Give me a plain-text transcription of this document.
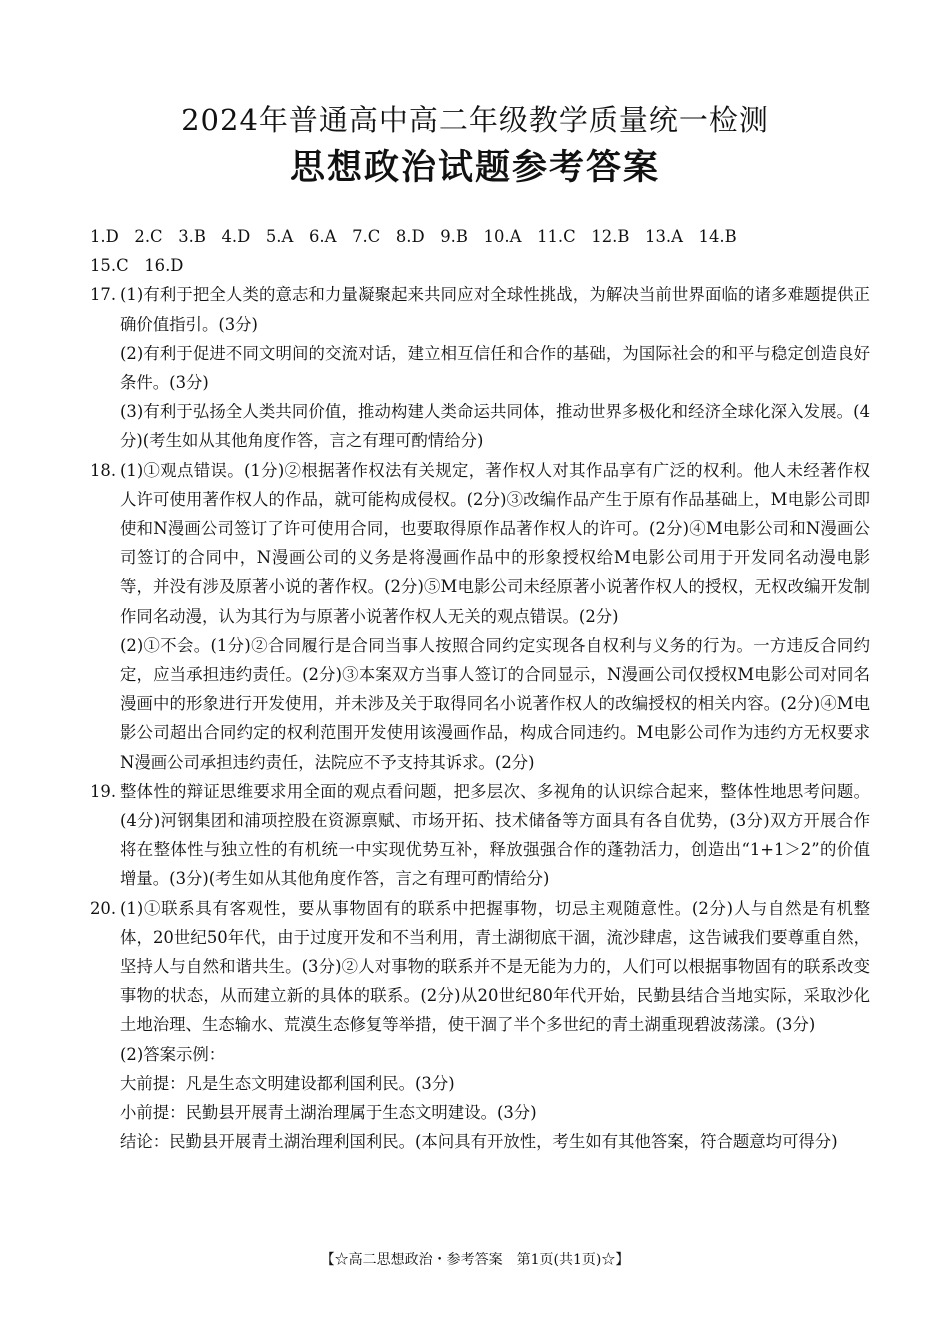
2024年普通高中高二年级教学质量统一检测
思想政治试题参考答案
1.D 2.C 3.B 4.D 5.A 6.A 7.C 8.D 9.B 10.A 11.C 12.B 13.A 14.B
15.C 16.D
17. (1)有利于把全人类的意志和力量凝聚起来共同应对全球性挑战，为解决当前世界面临的诸多难题提供正确价值指引。(3分)
(2)有利于促进不同文明间的交流对话，建立相互信任和合作的基础，为国际社会的和平与稳定创造良好条件。(3分)
(3)有利于弘扬全人类共同价值，推动构建人类命运共同体，推动世界多极化和经济全球化深入发展。(4分)(考生如从其他角度作答，言之有理可酌情给分)
18. (1)①观点错误。(1分)②根据著作权法有关规定，著作权人对其作品享有广泛的权利。他人未经著作权人许可使用著作权人的作品，就可能构成侵权。(2分)③改编作品产生于原有作品基础上，M电影公司即使和N漫画公司签订了许可使用合同，也要取得原作品著作权人的许可。(2分)④M电影公司和N漫画公司签订的合同中，N漫画公司的义务是将漫画作品中的形象授权给M电影公司用于开发同名动漫电影等，并没有涉及原著小说的著作权。(2分)⑤M电影公司未经原著小说著作权人的授权，无权改编开发制作同名动漫，认为其行为与原著小说著作权人无关的观点错误。(2分)
(2)①不会。(1分)②合同履行是合同当事人按照合同约定实现各自权利与义务的行为。一方违反合同约定，应当承担违约责任。(2分)③本案双方当事人签订的合同显示，N漫画公司仅授权M电影公司对同名漫画中的形象进行开发使用，并未涉及关于取得同名小说著作权人的改编授权的相关内容。(2分)④M电影公司超出合同约定的权利范围开发使用该漫画作品，构成合同违约。M电影公司作为违约方无权要求N漫画公司承担违约责任，法院应不予支持其诉求。(2分)
19. 整体性的辩证思维要求用全面的观点看问题，把多层次、多视角的认识综合起来，整体性地思考问题。(4分)河钢集团和浦项控股在资源禀赋、市场开拓、技术储备等方面具有各自优势，(3分)双方开展合作将在整体性与独立性的有机统一中实现优势互补，释放强强合作的蓬勃活力，创造出“1+1＞2”的价值增量。(3分)(考生如从其他角度作答，言之有理可酌情给分)
20. (1)①联系具有客观性，要从事物固有的联系中把握事物，切忌主观随意性。(2分)人与自然是有机整体，20世纪50年代，由于过度开发和不当利用，青土湖彻底干涸，流沙肆虐，这告诫我们要尊重自然，坚持人与自然和谐共生。(3分)②人对事物的联系并不是无能为力的，人们可以根据事物固有的联系改变事物的状态，从而建立新的具体的联系。(2分)从20世纪80年代开始，民勤县结合当地实际，采取沙化土地治理、生态输水、荒漠生态修复等举措，使干涸了半个多世纪的青土湖重现碧波荡漾。(3分)
(2)答案示例：
大前提：凡是生态文明建设都利国利民。(3分)
小前提：民勤县开展青土湖治理属于生态文明建设。(3分)
结论：民勤县开展青土湖治理利国利民。(本问具有开放性，考生如有其他答案，符合题意均可得分)
【☆高二思想政治・参考答案　第1页(共1页)☆】
